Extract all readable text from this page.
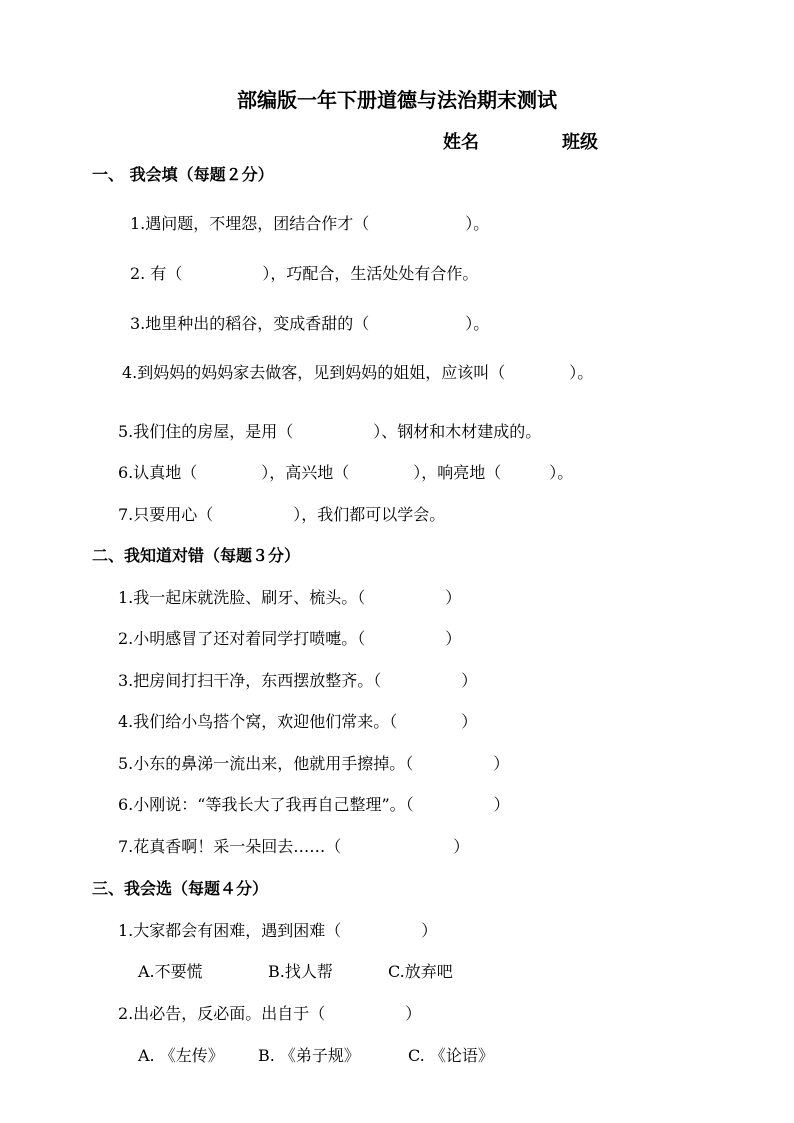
部编版一年下册道德与法治期末测试
姓名	班级
一、 我会填（每题２分）
1.遇问题，不埋怨，团结合作才（　　　　　　）。
2. 有（　　　　　），巧配合，生活处处有合作。
3.地里种出的稻谷，变成香甜的（　　　　　　）。
4.到妈妈的妈妈家去做客，见到妈妈的姐姐，应该叫（　　　　）。
5.我们住的房屋，是用（　　　　　）、钢材和木材建成的。
6.认真地（　　　　），高兴地（　　　　），响亮地（　　　）。
7.只要用心（　　　　　），我们都可以学会。
二、我知道对错（每题３分）
1.我一起床就洗脸、刷牙、梳头。（　　　　　）
2.小明感冒了还对着同学打喷嚏。（　　　　　）
3.把房间打扫干净，东西摆放整齐。（　　　　　）
4.我们给小鸟搭个窝，欢迎他们常来。（　　　　）
5.小东的鼻涕一流出来，他就用手擦掉。（　　　　　）
6.小刚说：“等我长大了我再自己整理”。（　　　　　）
7.花真香啊！采一朵回去……（　　　　　　　）
三、我会选（每题４分）
1.大家都会有困难，遇到困难（　　　　　）
A.不要慌	B.找人帮	C.放弃吧
2.出必告，反必面。出自于（　　　　　）
A. 《左传》 B. 《弟子规》	C. 《论语》
